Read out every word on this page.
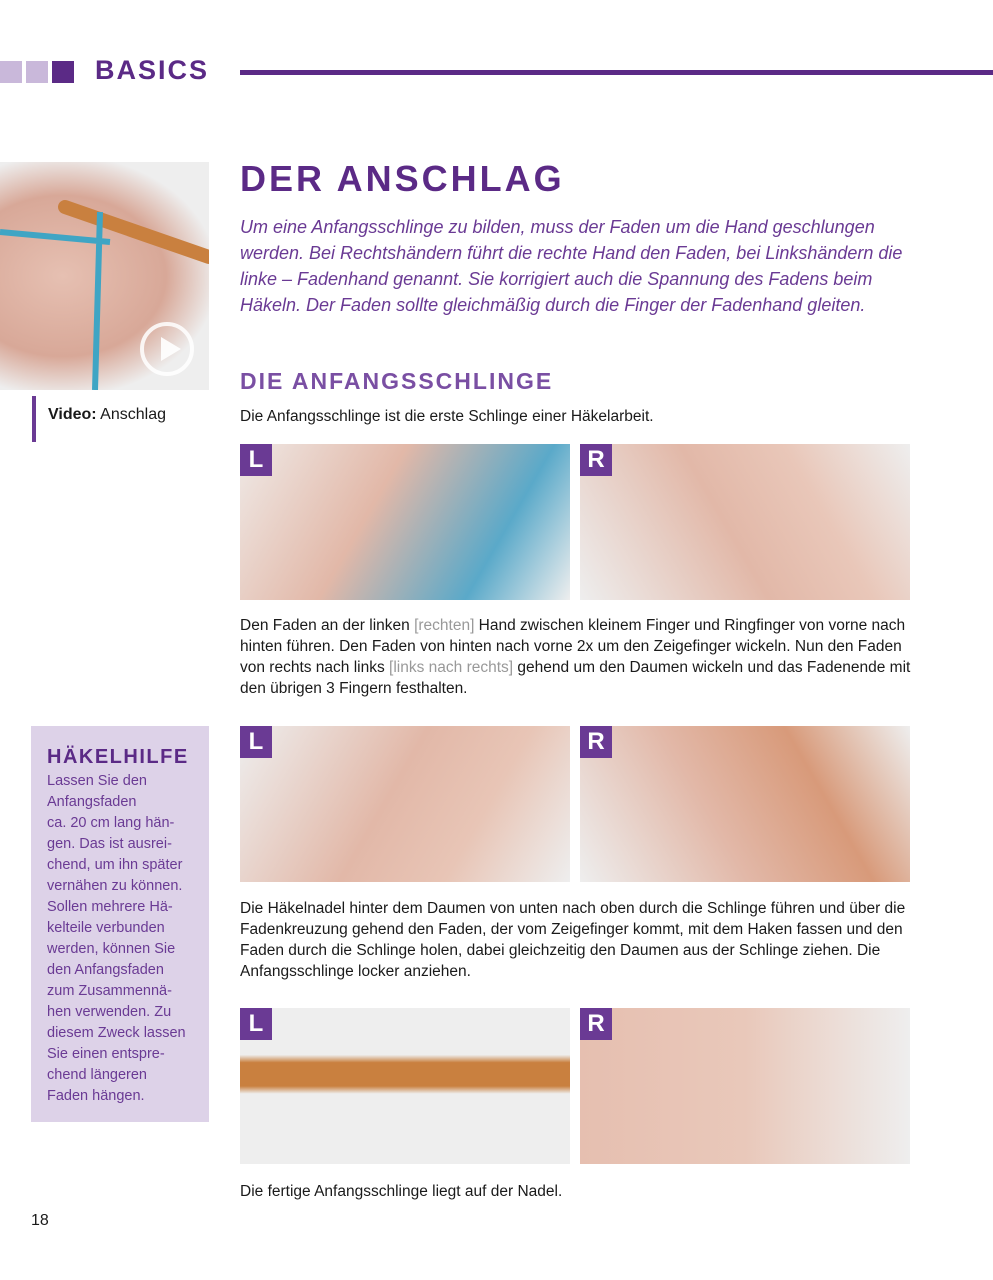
BASICS
Video: Anschlag
DER ANSCHLAG
Um eine Anfangsschlinge zu bilden, muss der Faden um die Hand geschlungen werden. Bei Rechtshändern führt die rechte Hand den Faden, bei Linkshändern die linke – Fadenhand genannt. Sie korrigiert auch die Spannung des Fadens beim Häkeln. Der Faden sollte gleichmäßig durch die Finger der Fadenhand gleiten.
DIE ANFANGSSCHLINGE
Die Anfangsschlinge ist die erste Schlinge einer Häkelarbeit.
L	R
Den Faden an der linken [rechten] Hand zwischen kleinem Finger und Ringfinger von vorne nach hinten führen. Den Faden von hinten nach vorne 2x um den Zeigefinger wickeln. Nun den Faden von rechts nach links [links nach rechts] gehend um den Daumen wickeln und das Fadenende mit den übrigen 3 Fingern festhalten.
L	R
Die Häkelnadel hinter dem Daumen von unten nach oben durch die Schlinge führen und über die Fadenkreuzung gehend den Faden, der vom Zeigefinger kommt, mit dem Haken fassen und den Faden durch die Schlinge holen, dabei gleichzeitig den Daumen aus der Schlinge ziehen. Die Anfangsschlinge locker anziehen.
L	R
Die fertige Anfangsschlinge liegt auf der Nadel.
HÄKELHILFE
Lassen Sie den
Anfangsfaden
ca. 20 cm lang hän-
gen. Das ist ausrei-
chend, um ihn später
vernähen zu können.
Sollen mehrere Hä-
kelteile verbunden
werden, können Sie
den Anfangsfaden
zum Zusammennä-
hen verwenden. Zu
diesem Zweck lassen
Sie einen entspre-
chend längeren
Faden hängen.
18
